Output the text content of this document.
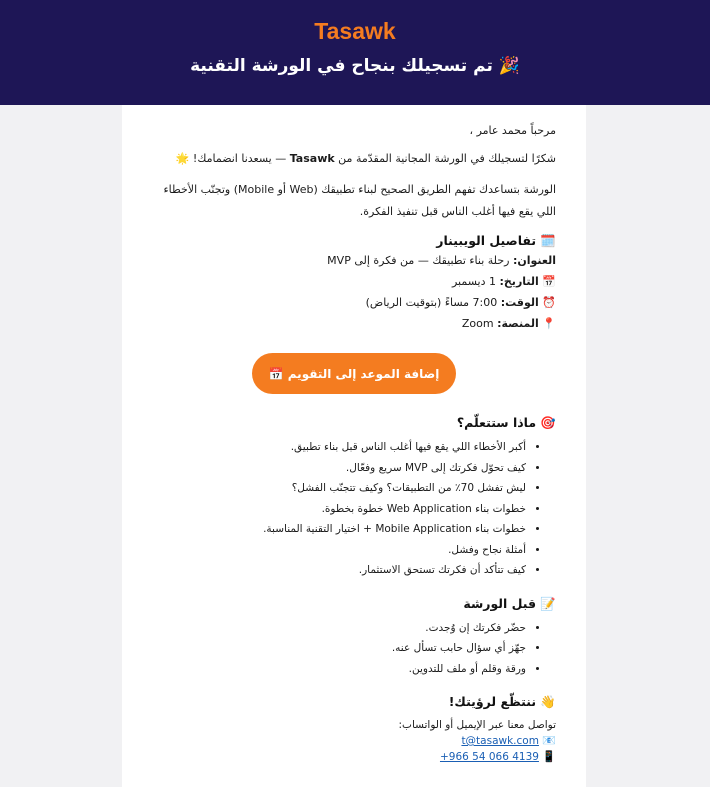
Tasawk
تم تسجيلك بنجاح في الورشة التقنية 🎉

مرحباً محمد عامر ،

شكرًا لتسجيلك في الورشة المجانية المقدّمة من Tasawk — يسعدنا انضمامك! 🌟

الورشة بتساعدك تفهم الطريق الصحيح لبناء تطبيقك (Web أو Mobile) وتجنّب الأخطاء اللي يقع فيها أغلب الناس قبل تنفيذ الفكرة.

🗓️ تفاصيل الويبينار
العنوان: رحلة بناء تطبيقك — من فكرة إلى MVP
📅 التاريخ: 1 ديسمبر
⏰ الوقت: 7:00 مساءً (بتوقيت الرياض)
📍 المنصة: Zoom
إضافة الموعد إلى التقويم 📅
🎯 ماذا ستتعلّم؟
• أكبر الأخطاء اللي يقع فيها أغلب الناس قبل بناء تطبيق.
• كيف تحوّل فكرتك إلى MVP سريع وفعّال.
• ليش تفشل 70٪ من التطبيقات؟ وكيف تتجنّب الفشل؟
• خطوات بناء Web Application خطوة بخطوة.
• خطوات بناء Mobile Application + اختيار التقنية المناسبة.
• أمثلة نجاح وفشل.
• كيف تتأكد أن فكرتك تستحق الاستثمار.
📝 قبل الورشة
• حضّر فكرتك إن وُجدت.
• جهّز أي سؤال حابب تسأل عنه.
• ورقة وقلم أو ملف للتدوين.
👋 ننتظّع لرؤيتك!

تواصل معنا عبر الإيميل أو الواتساب:

📧 t@tasawk.com
📱 +966 54 066 4139
